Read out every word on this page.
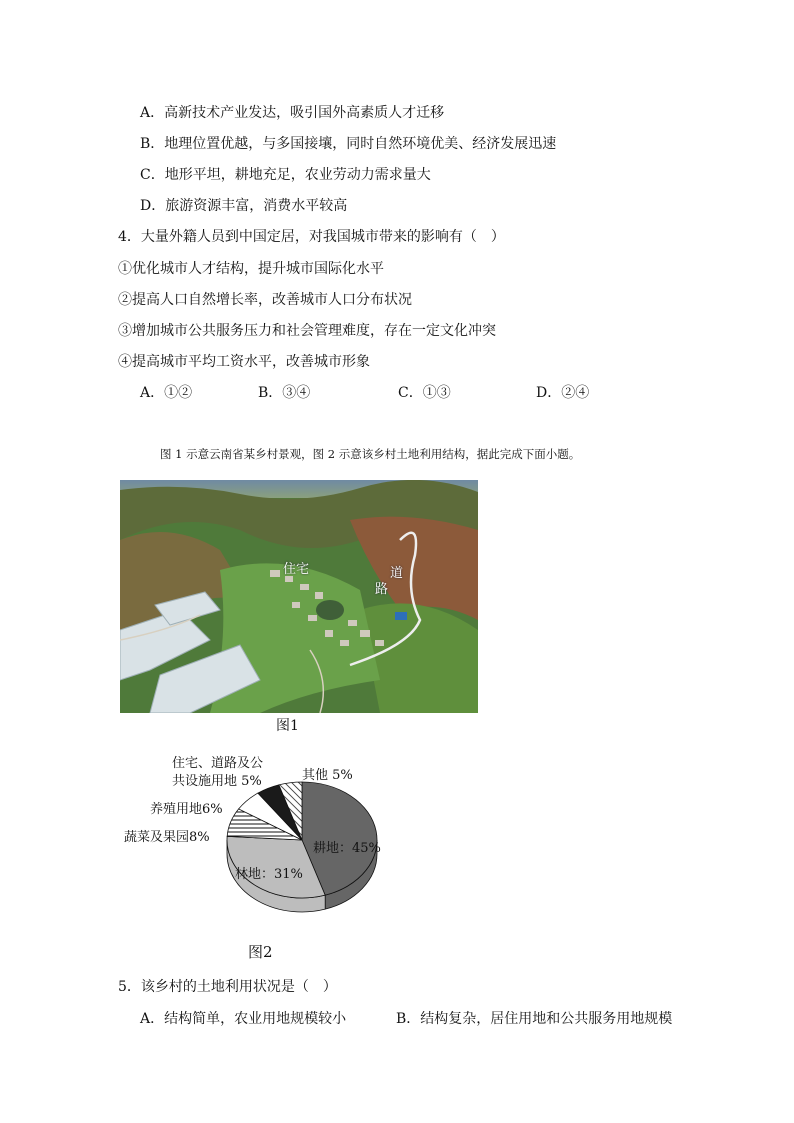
A．高新技术产业发达，吸引国外高素质人才迁移
B．地理位置优越，与多国接壤，同时自然环境优美、经济发展迅速
C．地形平坦，耕地充足，农业劳动力需求量大
D．旅游资源丰富，消费水平较高
4．大量外籍人员到中国定居，对我国城市带来的影响有（　）
①优化城市人才结构，提升城市国际化水平
②提高人口自然增长率，改善城市人口分布状况
③增加城市公共服务压力和社会管理难度，存在一定文化冲突
④提高城市平均工资水平，改善城市形象
A．①②	B．③④	C．①③	D．②④
图 1 示意云南省某乡村景观，图 2 示意该乡村土地利用结构，据此完成下面小题。
住宅	道
路
图1
住宅、道路及公
共设施用地 5%	其他 5%
养殖用地6%
蔬菜及果园8%
耕地：45%
林地：31%
图2
5．该乡村的土地利用状况是（　）
A．结构简单，农业用地规模较小	B．结构复杂，居住用地和公共服务用地规模
